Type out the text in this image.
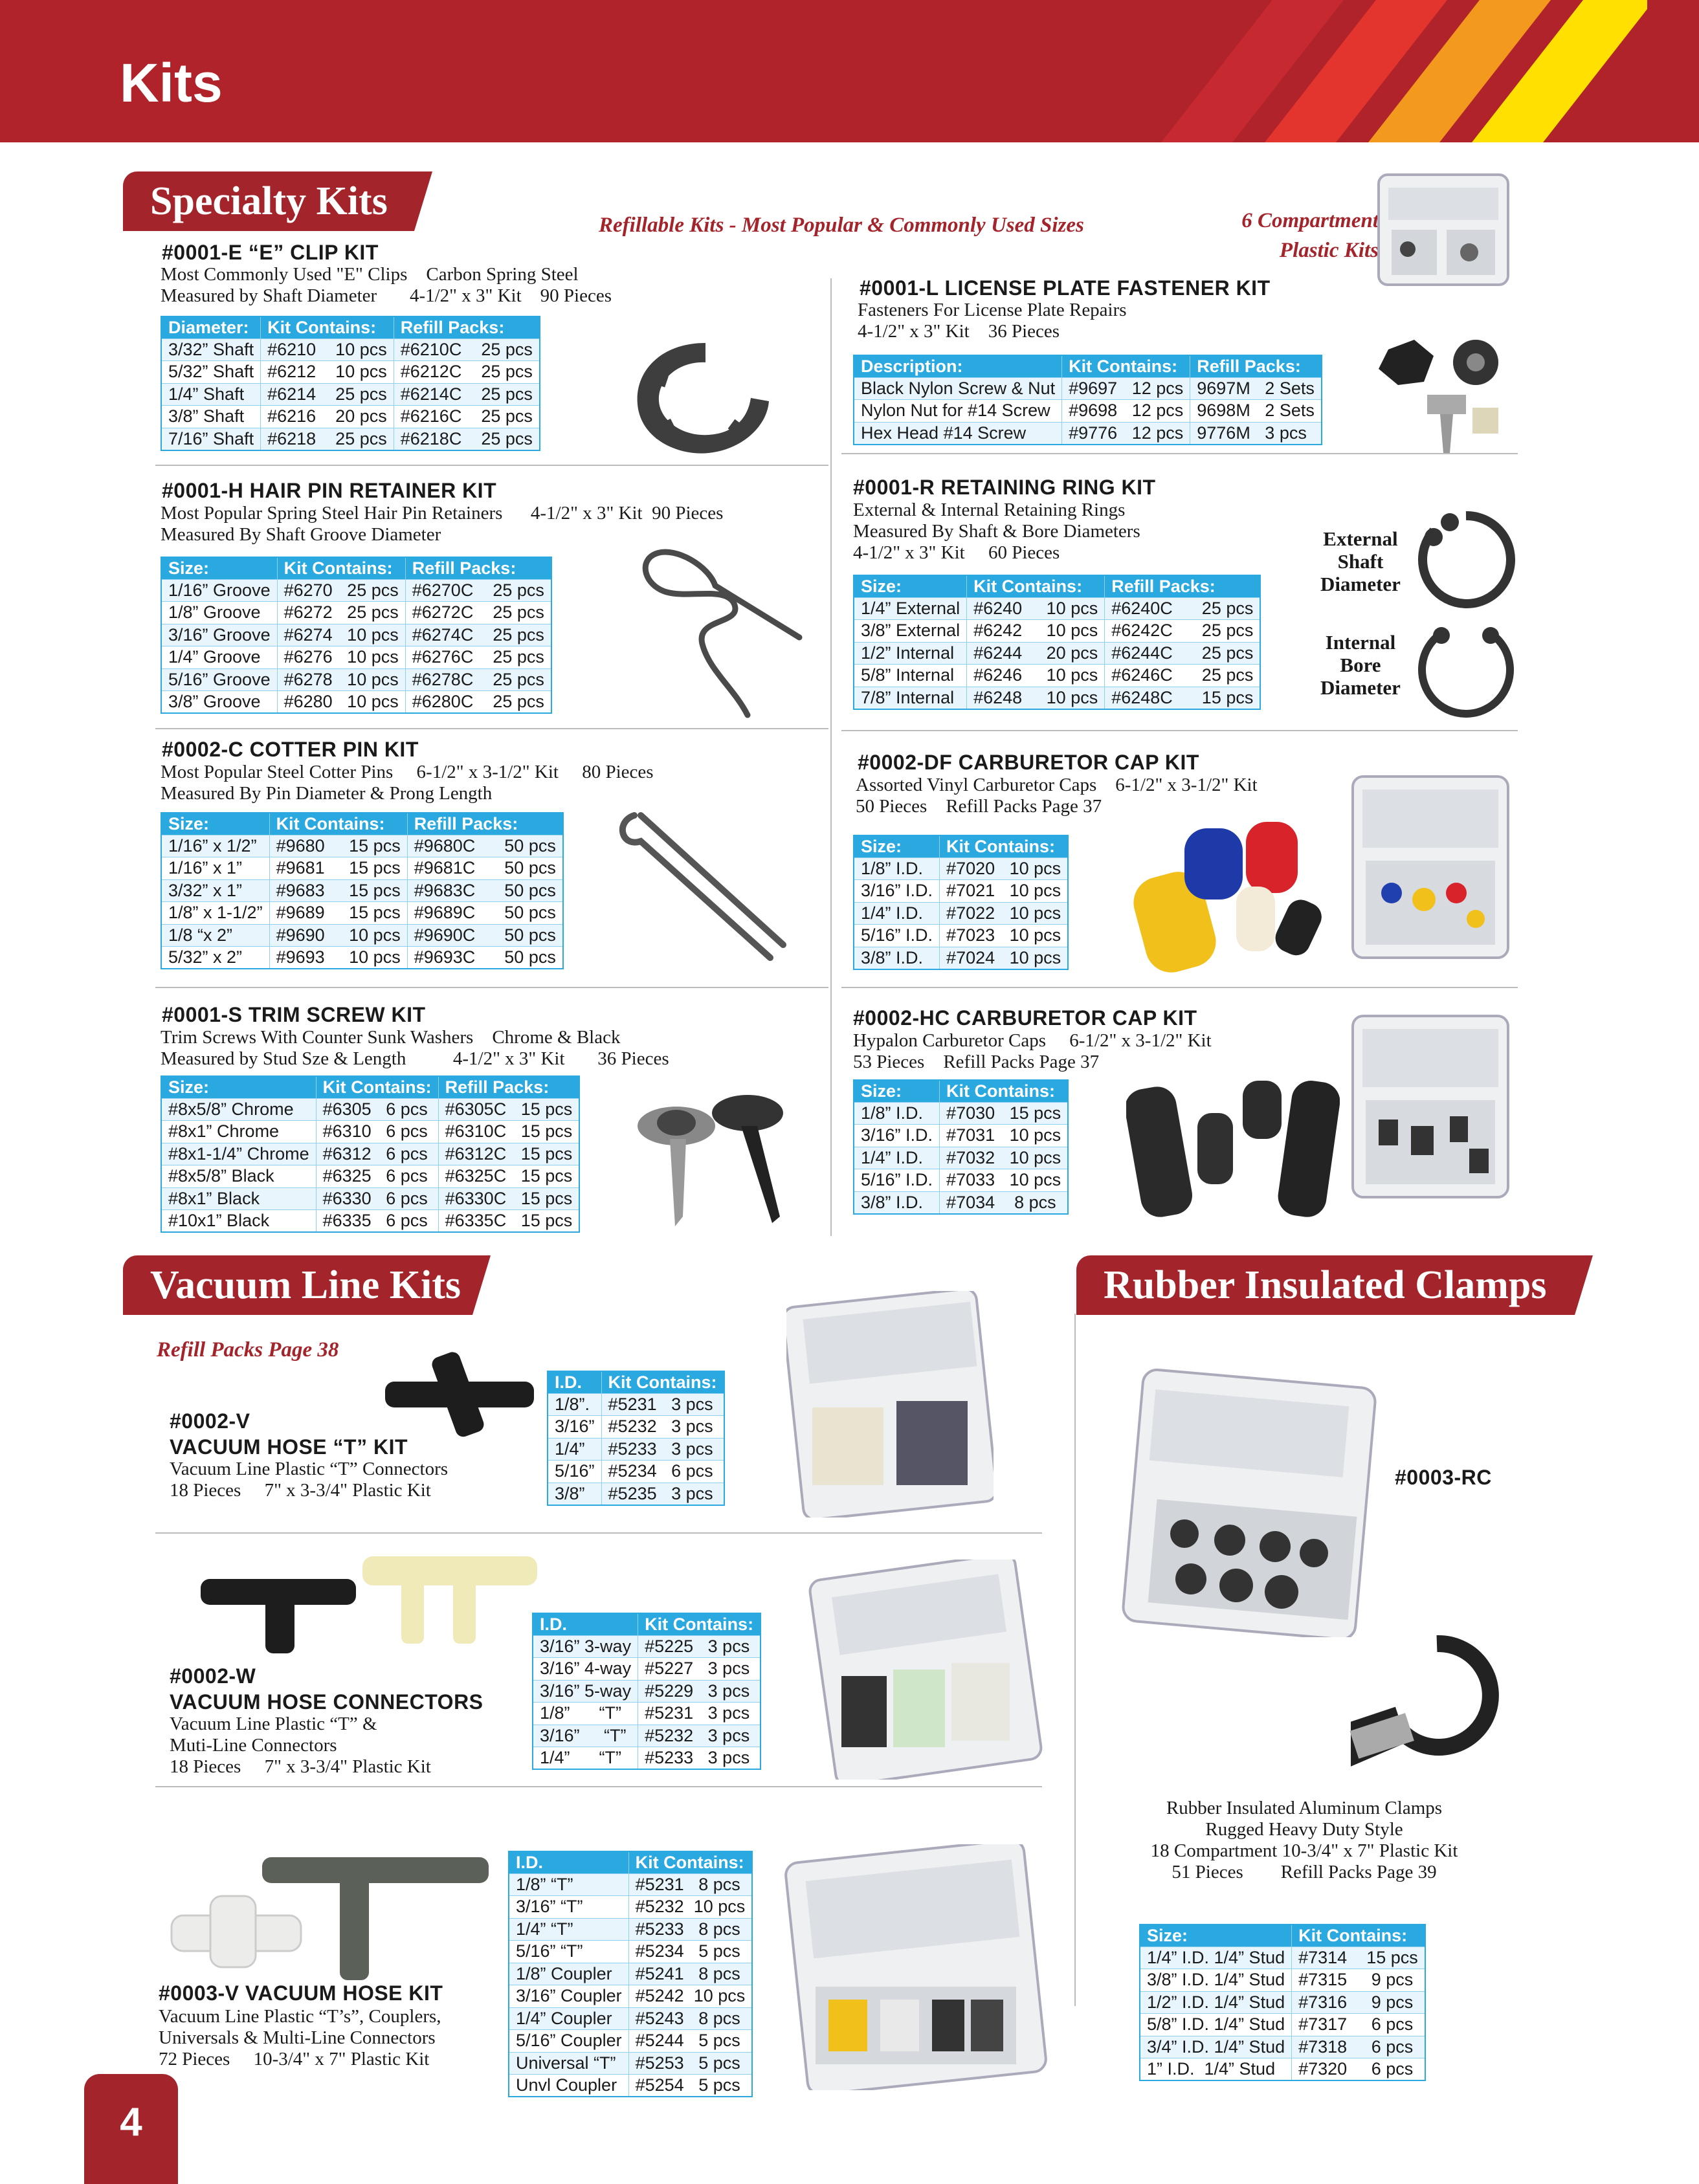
Kits
Specialty Kits
Vacuum Line Kits	Rubber Insulated Clamps
Refillable Kits - Most Popular & Commonly Used Sizes	6 Compartment
Plastic Kits
#0001-E “E” CLIP KIT
Most Commonly Used "E" Clips    Carbon Spring Steel
Measured by Shaft Diameter       4-1/2" x 3" Kit    90 Pieces
Diameter:	Kit Contains:	Refill Packs:
3/32” Shaft	#6210    10 pcs	#6210C    25 pcs
5/32” Shaft	#6212    10 pcs	#6212C    25 pcs
1/4” Shaft	#6214    25 pcs	#6214C    25 pcs
3/8” Shaft	#6216    20 pcs	#6216C    25 pcs
7/16” Shaft	#6218    25 pcs	#6218C    25 pcs
#0001-L LICENSE PLATE FASTENER KIT
Fasteners For License Plate Repairs
4-1/2" x 3" Kit    36 Pieces
Description:	Kit Contains:	Refill Packs:
Black Nylon Screw & Nut	#9697   12 pcs	9697M   2 Sets
Nylon Nut for #14 Screw	#9698   12 pcs	9698M   2 Sets
Hex Head #14 Screw	#9776   12 pcs	9776M   3 pcs
#0001-H HAIR PIN RETAINER KIT
Most Popular Spring Steel Hair Pin Retainers      4-1/2" x 3" Kit  90 Pieces
Measured By Shaft Groove Diameter
Size:	Kit Contains:	Refill Packs:
1/16” Groove	#6270   25 pcs	#6270C    25 pcs
1/8” Groove	#6272   25 pcs	#6272C    25 pcs
3/16” Groove	#6274   10 pcs	#6274C    25 pcs
1/4” Groove	#6276   10 pcs	#6276C    25 pcs
5/16” Groove	#6278   10 pcs	#6278C    25 pcs
3/8” Groove	#6280   10 pcs	#6280C    25 pcs
#0001-R RETAINING RING KIT
External & Internal Retaining Rings
Measured By Shaft & Bore Diameters
4-1/2" x 3" Kit     60 Pieces
Size:	Kit Contains:	Refill Packs:
1/4” External	#6240     10 pcs	#6240C      25 pcs
3/8” External	#6242     10 pcs	#6242C      25 pcs
1/2” Internal	#6244     20 pcs	#6244C      25 pcs
5/8” Internal	#6246     10 pcs	#6246C      25 pcs
7/8” Internal	#6248     10 pcs	#6248C      15 pcs
External
Shaft
Diameter
Internal
Bore
Diameter
#0002-C COTTER PIN KIT
Most Popular Steel Cotter Pins     6-1/2" x 3-1/2" Kit     80 Pieces
Measured By Pin Diameter & Prong Length
Size:	Kit Contains:	Refill Packs:
1/16” x 1/2”	#9680     15 pcs	#9680C      50 pcs
1/16” x 1”	#9681     15 pcs	#9681C      50 pcs
3/32” x 1”	#9683     15 pcs	#9683C      50 pcs
1/8” x 1-1/2”	#9689     15 pcs	#9689C      50 pcs
1/8 “x 2”	#9690     10 pcs	#9690C      50 pcs
5/32” x 2”	#9693     10 pcs	#9693C      50 pcs
#0002-DF CARBURETOR CAP KIT
Assorted Vinyl Carburetor Caps    6-1/2" x 3-1/2" Kit
50 Pieces    Refill Packs Page 37
Size:	Kit Contains:
1/8” I.D.	#7020   10 pcs
3/16” I.D.	#7021   10 pcs
1/4” I.D.	#7022   10 pcs
5/16” I.D.	#7023   10 pcs
3/8” I.D.	#7024   10 pcs
#0001-S TRIM SCREW KIT
Trim Screws With Counter Sunk Washers    Chrome & Black
Measured by Stud Sze & Length          4-1/2" x 3" Kit       36 Pieces
Size:	Kit Contains:	Refill Packs:
#8x5/8” Chrome	#6305   6 pcs	#6305C   15 pcs
#8x1” Chrome	#6310   6 pcs	#6310C   15 pcs
#8x1-1/4” Chrome	#6312   6 pcs	#6312C   15 pcs
#8x5/8” Black	#6325   6 pcs	#6325C   15 pcs
#8x1” Black	#6330   6 pcs	#6330C   15 pcs
#10x1” Black	#6335   6 pcs	#6335C   15 pcs
#0002-HC CARBURETOR CAP KIT
Hypalon Carburetor Caps     6-1/2" x 3-1/2" Kit
53 Pieces    Refill Packs Page 37
Size:	Kit Contains:
1/8” I.D.	#7030   15 pcs
3/16” I.D.	#7031   10 pcs
1/4” I.D.	#7032   10 pcs
5/16” I.D.	#7033   10 pcs
3/8” I.D.	#7034    8 pcs
Refill Packs Page 38
#0002-V
VACUUM HOSE “T” KIT
Vacuum Line Plastic “T” Connectors
18 Pieces     7" x 3-3/4" Plastic Kit
I.D.	Kit Contains:
1/8”.	#5231   3 pcs
3/16”	#5232   3 pcs
1/4”	#5233   3 pcs
5/16”	#5234   6 pcs
3/8”	#5235   3 pcs
#0002-W
VACUUM HOSE CONNECTORS
Vacuum Line Plastic “T” &
Muti-Line Connectors
18 Pieces     7" x 3-3/4" Plastic Kit
I.D.	Kit Contains:
3/16” 3-way	#5225   3 pcs
3/16” 4-way	#5227   3 pcs
3/16” 5-way	#5229   3 pcs
1/8”      “T”	#5231   3 pcs
3/16”     “T”	#5232   3 pcs
1/4”      “T”	#5233   3 pcs
#0003-V VACUUM HOSE KIT
Vacuum Line Plastic “T’s”, Couplers,
Universals & Multi-Line Connectors
72 Pieces     10-3/4" x 7" Plastic Kit
I.D.	Kit Contains:
1/8” “T”	#5231   8 pcs
3/16” “T”	#5232  10 pcs
1/4” “T”	#5233   8 pcs
5/16” “T”	#5234   5 pcs
1/8” Coupler	#5241   8 pcs
3/16” Coupler	#5242  10 pcs
1/4” Coupler	#5243   8 pcs
5/16” Coupler	#5244   5 pcs
Universal “T”	#5253   5 pcs
Unvl Coupler	#5254   5 pcs
#0003-RC
Rubber Insulated Aluminum Clamps
Rugged Heavy Duty Style
18 Compartment 10-3/4" x 7" Plastic Kit
51 Pieces        Refill Packs Page 39
Size:	Kit Contains:
1/4” I.D. 1/4” Stud	#7314    15 pcs
3/8” I.D. 1/4” Stud	#7315     9 pcs
1/2” I.D. 1/4” Stud	#7316     9 pcs
5/8” I.D. 1/4” Stud	#7317     6 pcs
3/4” I.D. 1/4” Stud	#7318     6 pcs
1” I.D.  1/4” Stud	#7320     6 pcs
4
